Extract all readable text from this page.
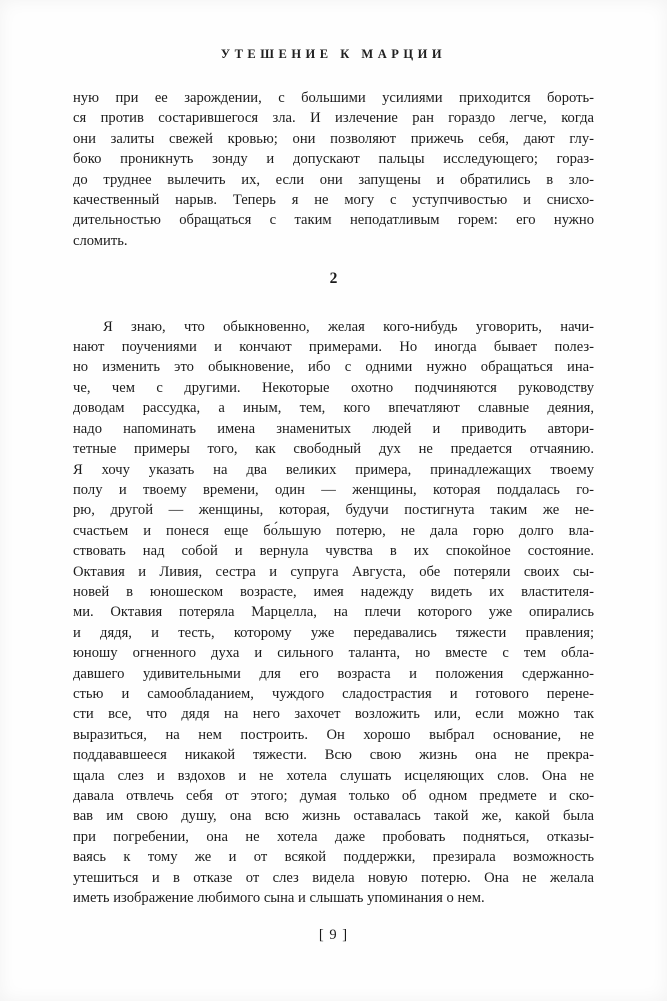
УТЕШЕНИЕ К МАРЦИИ
ную при ее зарождении, с большими усилиями приходится бороть-
ся против состарившегося зла. И излечение ран гораздо легче, когда
они залиты свежей кровью; они позволяют прижечь себя, дают глу-
боко проникнуть зонду и допускают пальцы исследующего; гораз-
до труднее вылечить их, если они запущены и обратились в зло-
качественный нарыв. Теперь я не могу с уступчивостью и снисхо-
дительностью обращаться с таким неподатливым горем: его нужно
сломить.
2
Я знаю, что обыкновенно, желая кого-нибудь уговорить, начи-
нают поучениями и кончают примерами. Но иногда бывает полез-
но изменить это обыкновение, ибо с одними нужно обращаться ина-
че, чем с другими. Некоторые охотно подчиняются руководству
доводам рассудка, а иным, тем, кого впечатляют славные деяния,
надо напоминать имена знаменитых людей и приводить автори-
тетные примеры того, как свободный дух не предается отчаянию.
Я хочу указать на два великих примера, принадлежащих твоему
полу и твоему времени, один — женщины, которая поддалась го-
рю, другой — женщины, которая, будучи постигнута таким же не-
счастьем и понеся еще бо́льшую потерю, не дала горю долго вла-
ствовать над собой и вернула чувства в их спокойное состояние.
Октавия и Ливия, сестра и супруга Августа, обе потеряли своих сы-
новей в юношеском возрасте, имея надежду видеть их властителя-
ми. Октавия потеряла Марцелла, на плечи которого уже опирались
и дядя, и тесть, которому уже передавались тяжести правления;
юношу огненного духа и сильного таланта, но вместе с тем обла-
давшего удивительными для его возраста и положения сдержанно-
стью и самообладанием, чуждого сладострастия и готового перене-
сти все, что дядя на него захочет возложить или, если можно так
выразиться, на нем построить. Он хорошо выбрал основание, не
поддававшееся никакой тяжести. Всю свою жизнь она не прекра-
щала слез и вздохов и не хотела слушать исцеляющих слов. Она не
давала отвлечь себя от этого; думая только об одном предмете и ско-
вав им свою душу, она всю жизнь оставалась такой же, какой была
при погребении, она не хотела даже пробовать подняться, отказы-
ваясь к тому же и от всякой поддержки, презирала возможность
утешиться и в отказе от слез видела новую потерю. Она не желала
иметь изображение любимого сына и слышать упоминания о нем.
[ 9 ]
